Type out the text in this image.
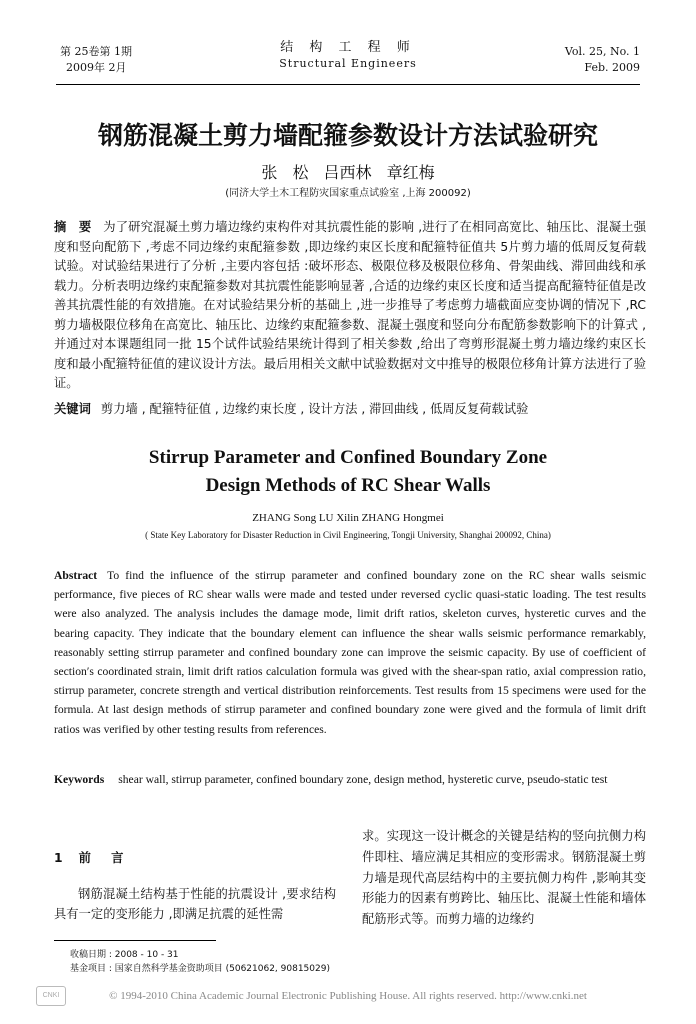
第 25卷第 1期
2009年 2月
结 构 工 程 师
Structural Engineers
Vol. 25, No. 1
Feb. 2009
钢筋混凝土剪力墙配箍参数设计方法试验研究
张 松 吕西林 章红梅
(同济大学土木工程防灾国家重点试验室 ,上海 200092)
摘 要 为了研究混凝土剪力墙边缘约束构件对其抗震性能的影响 ,进行了在相同高宽比、轴压比、混凝土强度和竖向配筋下 ,考虑不同边缘约束配箍参数 ,即边缘约束区长度和配箍特征值共 5片剪力墙的低周反复荷载试验。对试验结果进行了分析 ,主要内容包括 :破坏形态、极限位移及极限位移角、骨架曲线、滞回曲线和承载力。分析表明边缘约束配箍参数对其抗震性能影响显著 ,合适的边缘约束区长度和适当提高配箍特征值是改善其抗震性能的有效措施。在对试验结果分析的基础上 ,进一步推导了考虑剪力墙截面应变协调的情况下 ,RC剪力墙极限位移角在高宽比、轴压比、边缘约束配箍参数、混凝土强度和竖向分布配筋参数影响下的计算式 ,并通过对本课题组同一批 15个试件试验结果统计得到了相关参数 ,给出了弯剪形混凝土剪力墙边缘约束区长度和最小配箍特征值的建议设计方法。最后用相关文献中试验数据对文中推导的极限位移角计算方法进行了验证。
关键词 剪力墙 , 配箍特征值 , 边缘约束长度 , 设计方法 , 滞回曲线 , 低周反复荷载试验
Stirrup Parameter and Confined Boundary Zone
Design Methods of RC Shear Walls
ZHANG Song LU Xilin ZHANG Hongmei
( State Key Laboratory for Disaster Reduction in Civil Engineering, Tongji University, Shanghai 200092, China)
Abstract To find the influence of the stirrup parameter and confined boundary zone on the RC shear walls seismic performance, five pieces of RC shear walls were made and tested under reversed cyclic quasi-static loading. The test results were also analyzed. The analysis includes the damage mode, limit drift ratios, skeleton curves, hysteretic curves and the bearing capacity. They indicate that the boundary element can influence the shear walls seismic performance remarkably, reasonably setting stirrup parameter and confined boundary zone can improve the seismic capacity. By use of coefficient of section′s coordinated strain, limit drift ratios calculation formula was gived with the shear-span ratio, axial compression ratio, stirrup parameter, concrete strength and vertical distribution reinforcements. Test results from 15 specimens were used for the formula. At last design methods of stirrup parameter and confined boundary zone were gived and the formula of limit drift ratios was verified by other testing results from references.
Keywords shear wall, stirrup parameter, confined boundary zone, design method, hysteretic curve, pseudo-static test
1 前 言
钢筋混凝土结构基于性能的抗震设计 ,要求结构具有一定的变形能力 ,即满足抗震的延性需
求。实现这一设计概念的关键是结构的竖向抗侧力构件即柱、墙应满足其相应的变形需求。钢筋混凝土剪力墙是现代高层结构中的主要抗侧力构件 ,影响其变形能力的因素有剪跨比、轴压比、混凝土性能和墙体配筋形式等。而剪力墙的边缘约
收稿日期 : 2008 - 10 - 31
基金项目 : 国家自然科学基金资助项目 (50621062, 90815029)
CNKI	© 1994-2010 China Academic Journal Electronic Publishing House. All rights reserved. http://www.cnki.net
